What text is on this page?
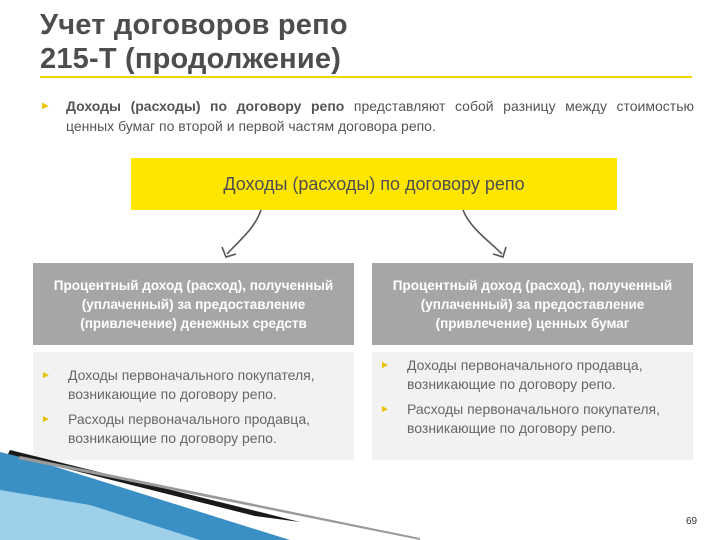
Учет договоров репо
215-Т (продолжение)
► Доходы (расходы) по договору репо представляют собой разницу между стоимостью ценных бумаг по второй и первой частям договора репо.
Доходы (расходы) по договору репо
Процентный доход (расход), полученный (уплаченный) за предоставление (привлечение) денежных средств
Процентный доход (расход), полученный (уплаченный) за предоставление (привлечение) ценных бумаг
► Доходы первоначального покупателя, возникающие по договору репо.
► Расходы первоначального продавца, возникающие по договору репо.
► Доходы первоначального продавца, возникающие по договору репо.
► Расходы первоначального покупателя, возникающие по договору репо.
69
